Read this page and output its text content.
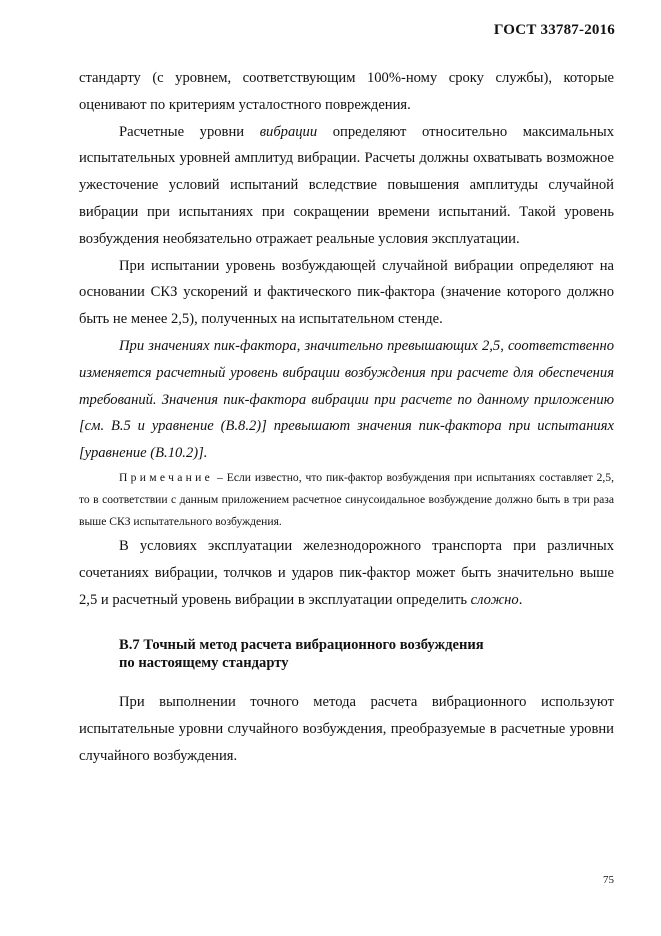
ГОСТ 33787-2016

стандарту (с уровнем, соответствующим 100%-ному сроку службы), которые оценивают по критериям усталостного повреждения.

Расчетные уровни вибрации определяют относительно максимальных испытательных уровней амплитуд вибрации. Расчеты должны охватывать возможное ужесточение условий испытаний вследствие повышения амплитуды случайной вибрации при испытаниях при сокращении времени испытаний. Такой уровень возбуждения необязательно отражает реальные условия эксплуатации.

При испытании уровень возбуждающей случайной вибрации определяют на основании СКЗ ускорений и фактического пик-фактора (значение которого должно быть не менее 2,5), полученных на испытательном стенде.

При значениях пик-фактора, значительно превышающих 2,5, соответственно изменяется расчетный уровень вибрации возбуждения при расчете для обеспечения требований. Значения пик-фактора вибрации при расчете по данному приложению [см. В.5 и уравнение (В.8.2)] превышают значения пик-фактора при испытаниях [уравнение (В.10.2)].

Примечание – Если известно, что пик-фактор возбуждения при испытаниях составляет 2,5, то в соответствии с данным приложением расчетное синусоидальное возбуждение должно быть в три раза выше СКЗ испытательного возбуждения.

В условиях эксплуатации железнодорожного транспорта при различных сочетаниях вибрации, толчков и ударов пик-фактор может быть значительно выше 2,5 и расчетный уровень вибрации в эксплуатации определить сложно.

В.7 Точный метод расчета вибрационного возбуждения
по настоящему стандарту

При выполнении точного метода расчета вибрационного используют испытательные уровни случайного возбуждения, преобразуемые в расчетные уровни случайного возбуждения.

75
